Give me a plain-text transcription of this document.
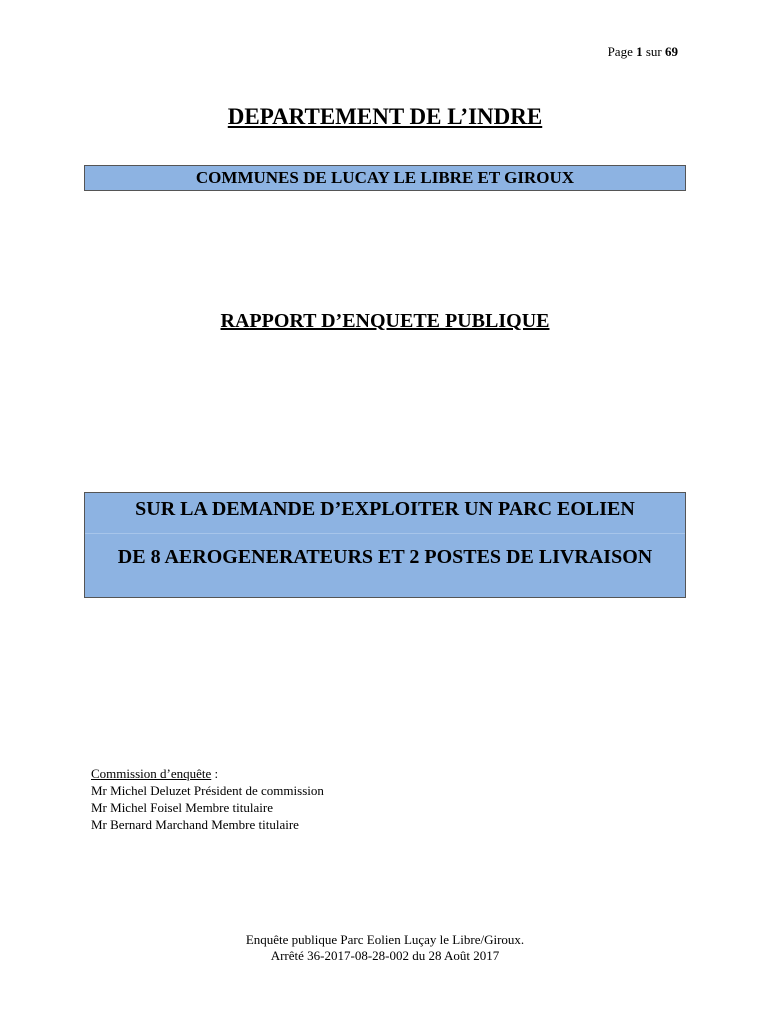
Page 1 sur 69
DEPARTEMENT DE L’INDRE
COMMUNES DE LUCAY LE LIBRE ET GIROUX
RAPPORT D’ENQUETE PUBLIQUE
SUR LA DEMANDE D’EXPLOITER UN PARC EOLIEN
DE 8 AEROGENERATEURS ET 2 POSTES DE LIVRAISON
Commission d’enquête :
Mr Michel Deluzet Président de commission
Mr Michel Foisel Membre titulaire
Mr Bernard Marchand Membre titulaire
Enquête publique Parc Eolien Luçay le Libre/Giroux.
Arrêté 36-2017-08-28-002 du 28 Août 2017
